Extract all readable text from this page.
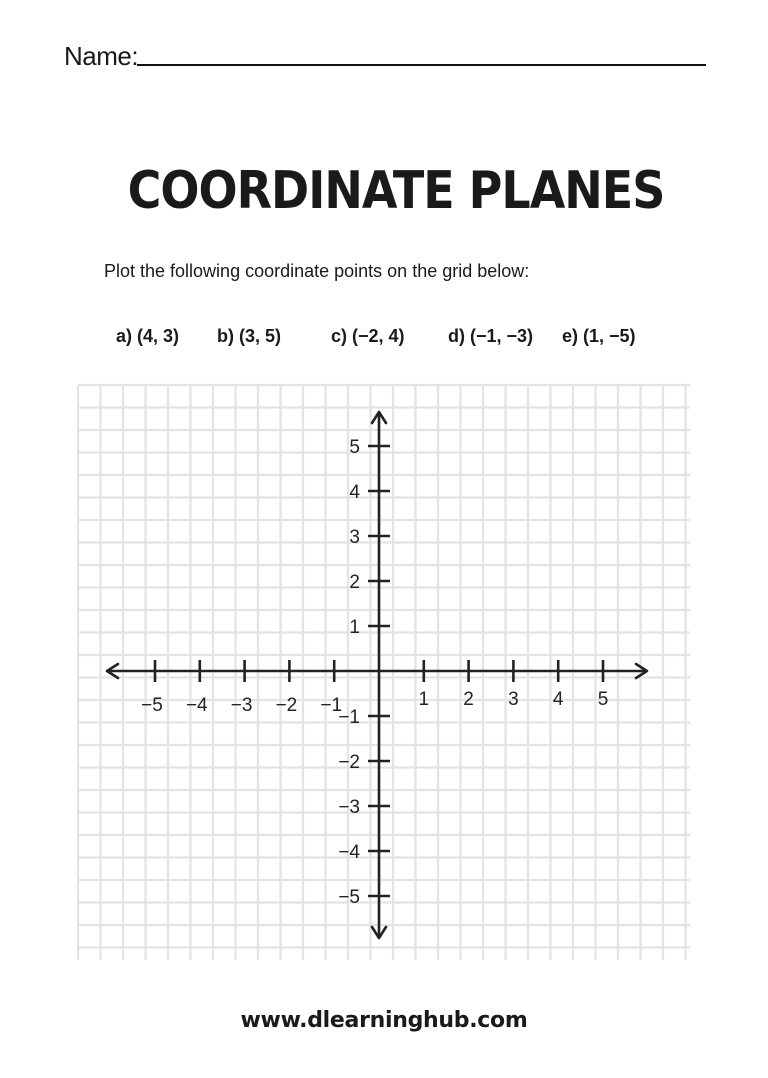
Name:
COORDINATE PLANES
Plot the following coordinate points on the grid below:
a) (4, 3) b) (3, 5)	c) (−2, 4) d) (−1, −3) e) (1, −5)
−5 −4 −3 −2 −1	1 2 3 4 5
5
4
3
2
1
−1
−2
−3
−4
−5
www.dlearninghub.com
